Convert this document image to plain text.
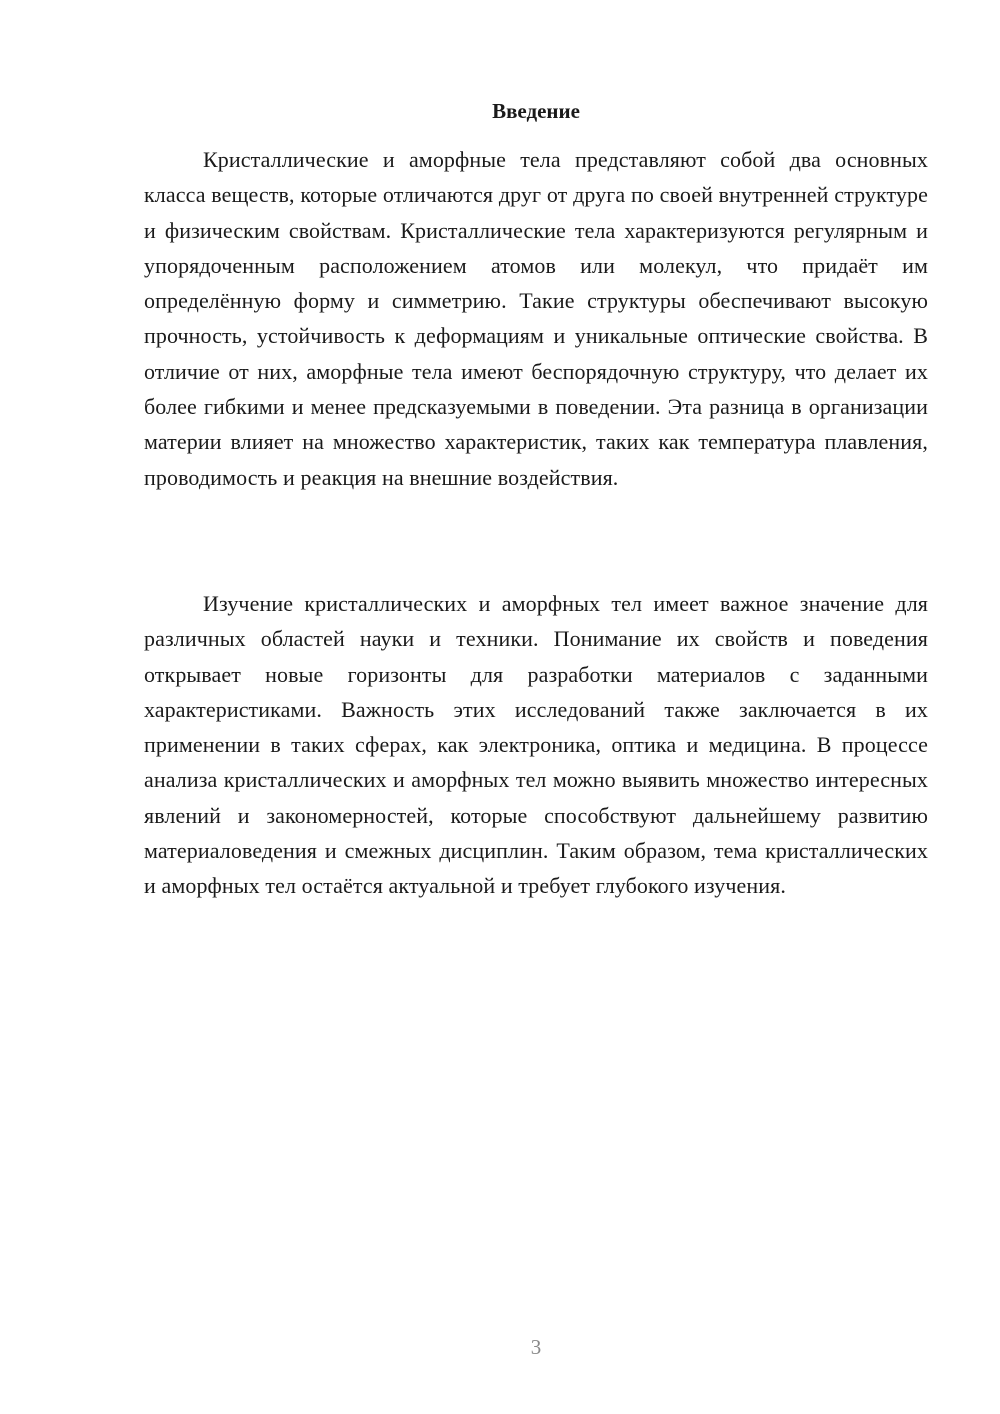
Введение

Кристаллические и аморфные тела представляют собой два основных класса веществ, которые отличаются друг от друга по своей внутренней структуре и физическим свойствам. Кристаллические тела характеризуются регулярным и упорядоченным расположением атомов или молекул, что придаёт им определённую форму и симметрию. Такие структуры обеспечивают высокую прочность, устойчивость к деформациям и уникальные оптические свойства. В отличие от них, аморфные тела имеют беспорядочную структуру, что делает их более гибкими и менее предсказуемыми в поведении. Эта разница в организации материи влияет на множество характеристик, таких как температура плавления, проводимость и реакция на внешние воздействия.

Изучение кристаллических и аморфных тел имеет важное значение для различных областей науки и техники. Понимание их свойств и поведения открывает новые горизонты для разработки материалов с заданными характеристиками. Важность этих исследований также заключается в их применении в таких сферах, как электроника, оптика и медицина. В процессе анализа кристаллических и аморфных тел можно выявить множество интересных явлений и закономерностей, которые способствуют дальнейшему развитию материаловедения и смежных дисциплин. Таким образом, тема кристаллических и аморфных тел остаётся актуальной и требует глубокого изучения.

3
